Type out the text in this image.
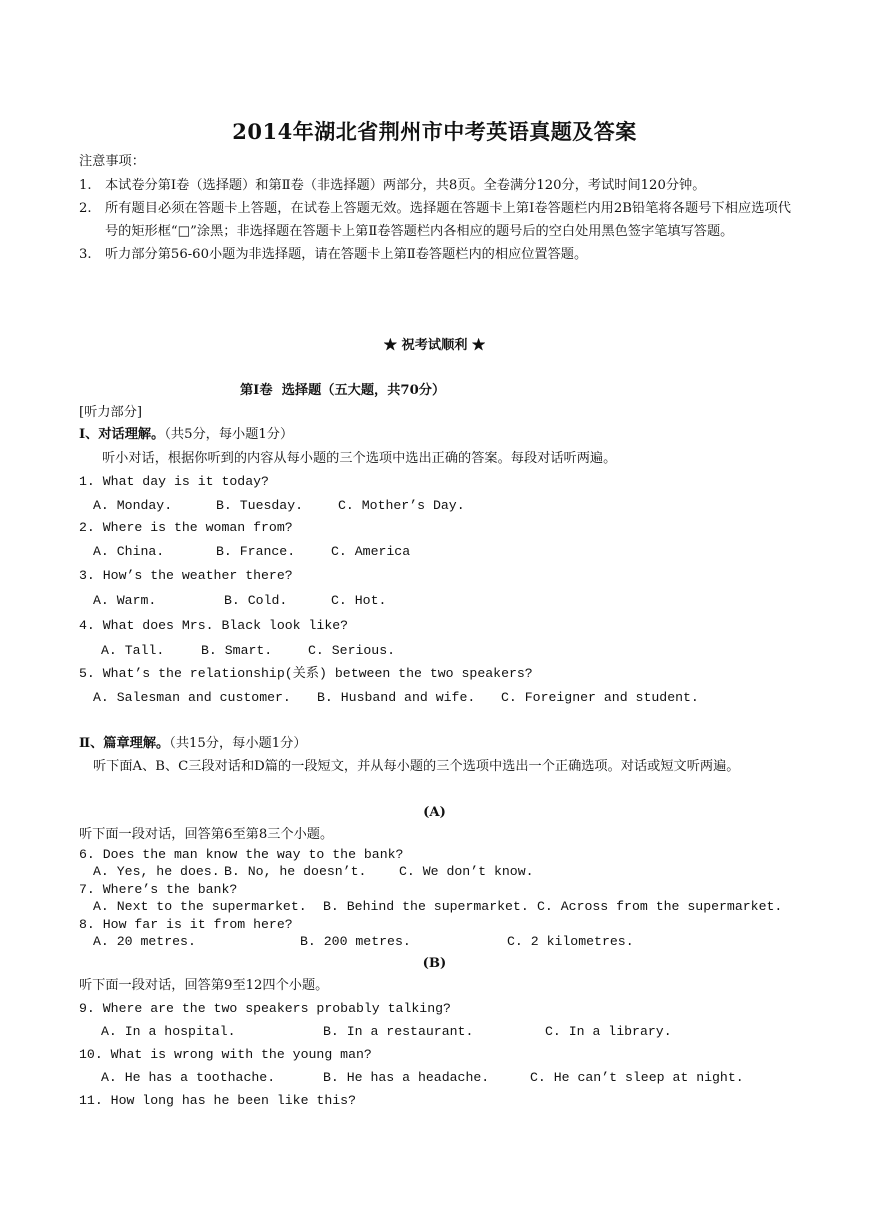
2014年湖北省荆州市中考英语真题及答案
注意事项：
1.	本试卷分第Ⅰ卷（选择题）和第Ⅱ卷（非选择题）两部分，共8页。全卷满分120分，考试时间120分钟。
2.	所有题目必须在答题卡上答题，在试卷上答题无效。选择题在答题卡上第Ⅰ卷答题栏内用2B铅笔将各题号下相应选项代号的矩形框“□”涂黑；非选择题在答题卡上第Ⅱ卷答题栏内各相应的题号后的空白处用黑色签字笔填写答题。
3.	听力部分第56-60小题为非选择题，请在答题卡上第Ⅱ卷答题栏内的相应位置答题。
★ 祝考试顺利 ★
第Ⅰ卷  选择题（五大题，共70分）
[听力部分]
Ⅰ、对话理解。（共5分，每小题1分）
听小对话，根据你听到的内容从每小题的三个选项中选出正确的答案。每段对话听两遍。
1. What day is it today?

A. Monday.

	B. Tuesday.

	C. Mother’s Day.

2. Where is the woman from?

A. China.

	B. France.

	C. America

3. How’s the weather there?

A. Warm.

	B. Cold.

	C. Hot.

4. What does Mrs. Black look like?

A. Tall.

	B. Smart.

	C. Serious.

5. What’s the relationship(关系) between the two speakers?

A. Salesman and customer.

B. Husband and wife.

C. Foreigner and student.

Ⅱ、篇章理解。（共15分，每小题1分）
听下面A、B、C三段对话和D篇的一段短文，并从每小题的三个选项中选出一个正确选项。对话或短文听两遍。
(A)
听下面一段对话，回答第6至第8三个小题。
6. Does the man know the way to the bank?

A. Yes, he does.

B. No, he doesn’t.

C. We don’t know.

7. Where’s the bank?

A. Next to the supermarket.

B. Behind the supermarket.

C. Across from the supermarket.

8. How far is it from here?

A. 20 metres.

	B. 200 metres.

	C. 2 kilometres.

(B)
听下面一段对话，回答第9至12四个小题。
9. Where are the two speakers probably talking?

A. In a hospital.

	B. In a restaurant.

	C. In a library.

10. What is wrong with the young man?

A. He has a toothache.

	B. He has a headache.

	C. He can’t sleep at night.

11. How long has he been like this?
